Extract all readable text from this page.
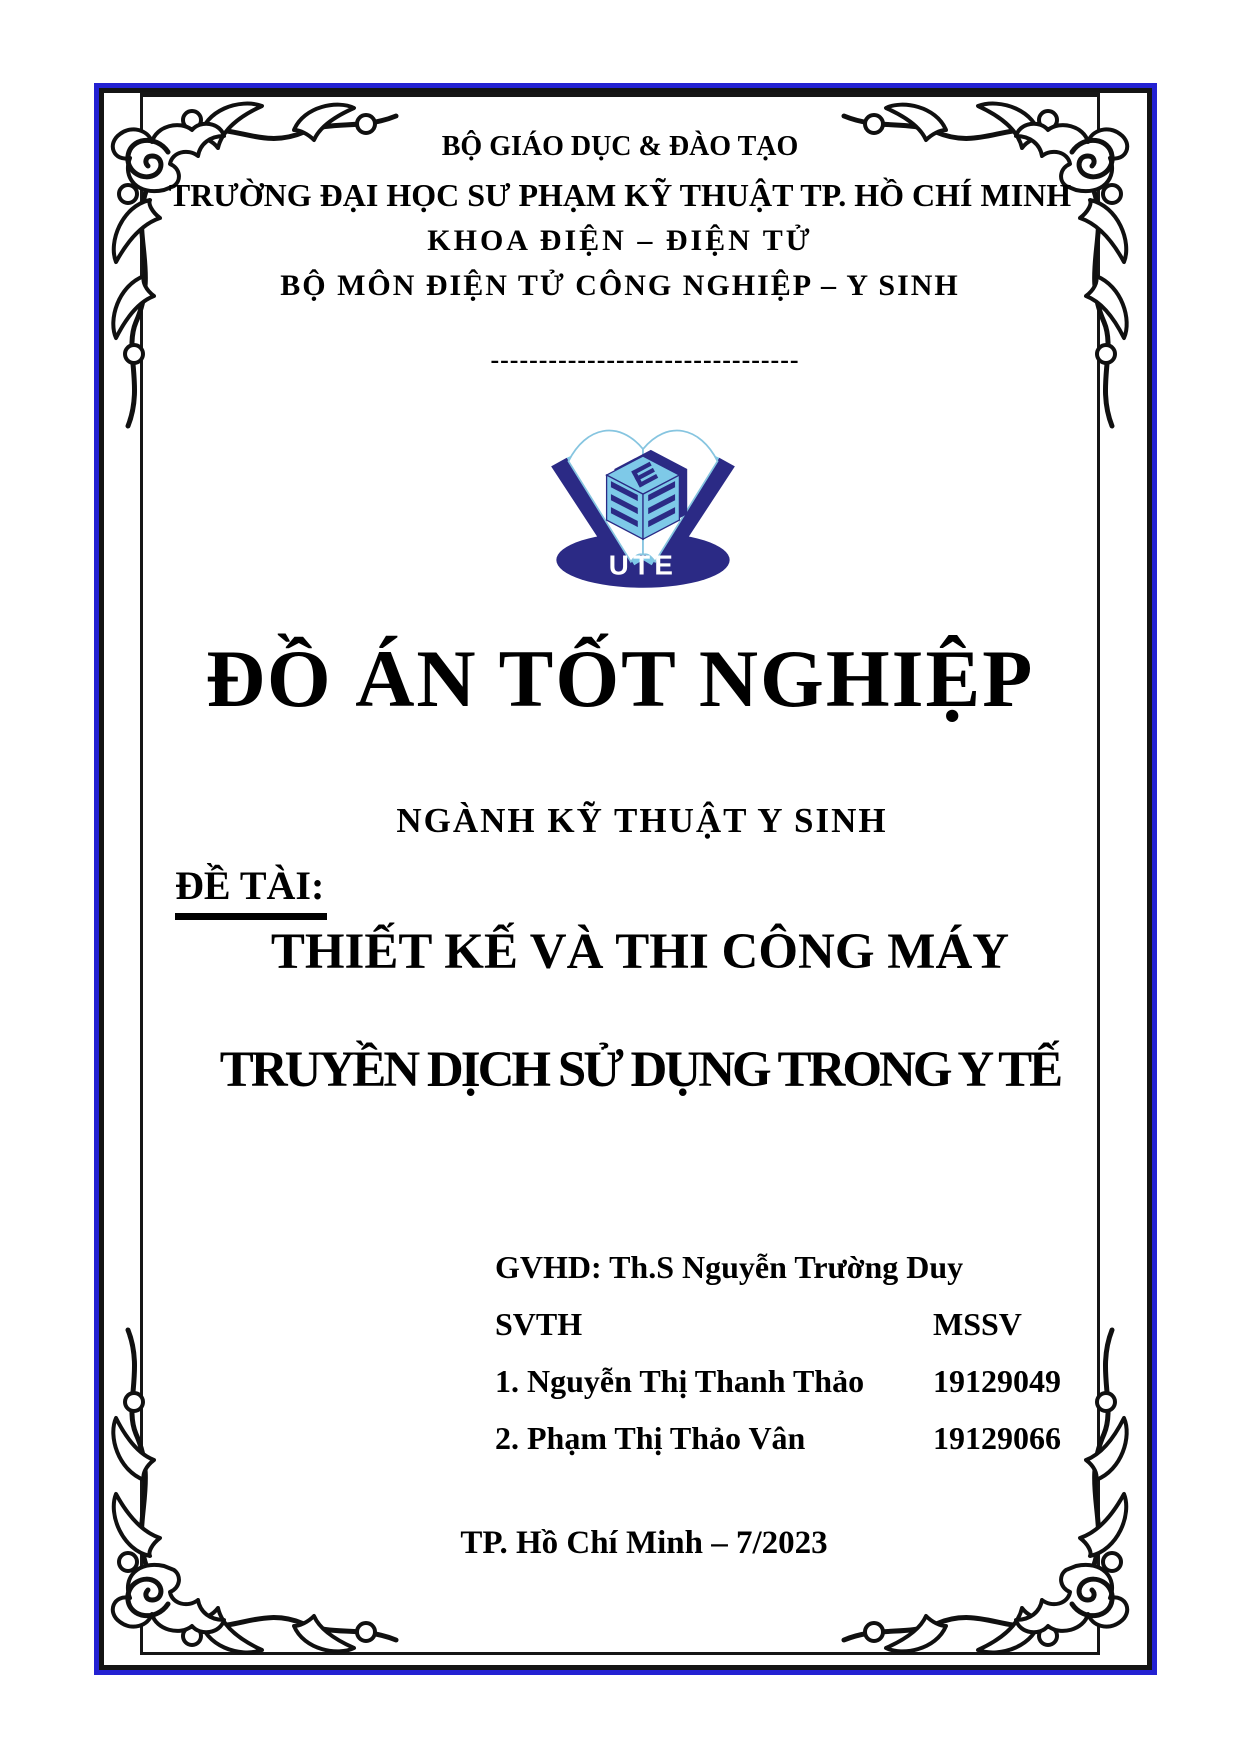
BỘ GIÁO DỤC & ĐÀO TẠO
TRƯỜNG ĐẠI HỌC SƯ PHẠM KỸ THUẬT TP. HỒ CHÍ MINH
KHOA ĐIỆN – ĐIỆN TỬ
BỘ MÔN ĐIỆN TỬ CÔNG NGHIỆP – Y SINH
--------------------------------
UTE
ĐỒ ÁN TỐT NGHIỆP
NGÀNH KỸ THUẬT Y SINH
ĐỀ TÀI:
THIẾT KẾ VÀ THI CÔNG MÁY
TRUYỀN DỊCH SỬ DỤNG TRONG Y TẾ
GVHD: Th.S Nguyễn Trường Duy
SVTH	MSSV
1. Nguyễn Thị Thanh Thảo 19129049
2. Phạm Thị Thảo Vân	19129066
TP. Hồ Chí Minh – 7/2023
